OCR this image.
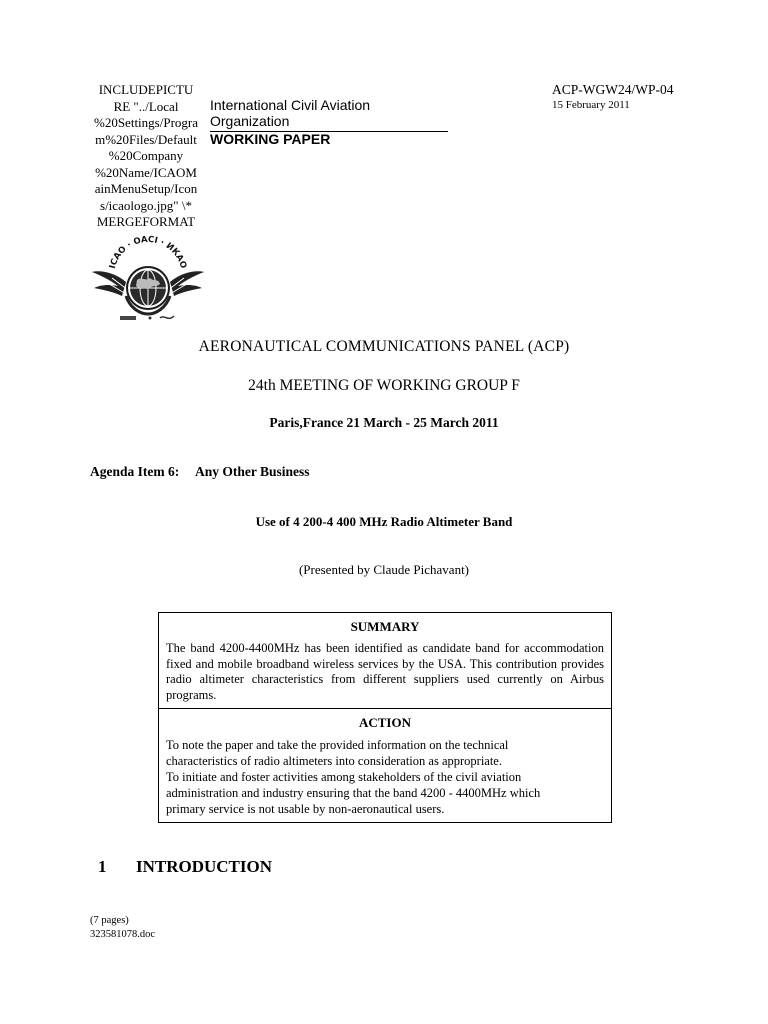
INCLUDEPICTU
RE "../Local
%20Settings/Progra
m%20Files/Default
%20Company
%20Name/ICAOM
ainMenuSetup/Icon
s/icaologo.jpg" \*
MERGEFORMAT
ICAO · OACI · ИКАО
International Civil Aviation Organization
WORKING PAPER
ACP-WGW24/WP-04
15 February 2011
AERONAUTICAL COMMUNICATIONS PANEL (ACP)
24th MEETING OF WORKING GROUP F
Paris,France 21 March - 25 March 2011
Agenda Item 6: Any Other Business
Use of 4 200-4 400 MHz Radio Altimeter Band
(Presented by Claude Pichavant)
SUMMARY
The band 4200-4400MHz has been identified as candidate band for accommodation fixed and mobile broadband wireless services by the USA. This contribution provides radio altimeter characteristics from different suppliers used currently on Airbus programs.
ACTION
To note the paper and take the provided information on the technical
characteristics of radio altimeters into consideration as appropriate.
To initiate and foster activities among stakeholders of the civil aviation
administration and industry ensuring that the band 4200 - 4400MHz which
primary service is not usable by non-aeronautical users.
1 INTRODUCTION
(7 pages)
323581078.doc
